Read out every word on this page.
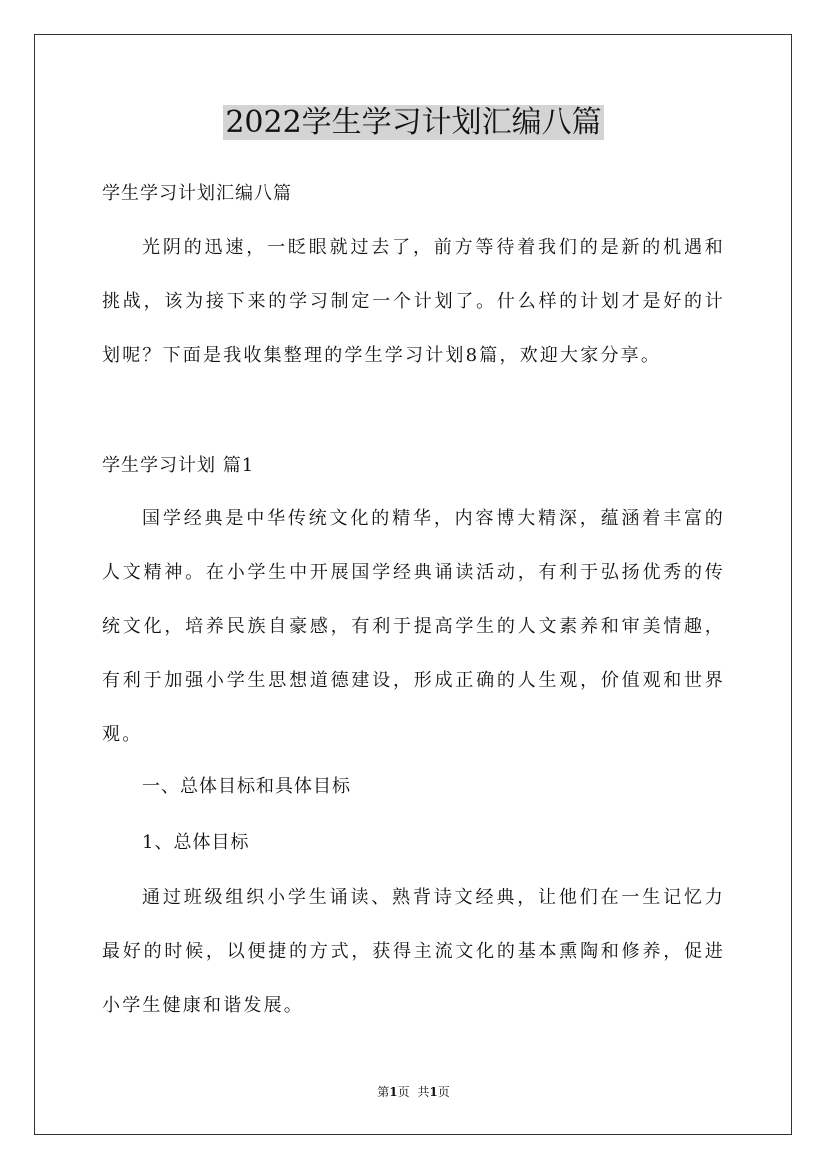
2022学生学习计划汇编八篇
学生学习计划汇编八篇

光阴的迅速，一眨眼就过去了，前方等待着我们的是新的机遇和挑战，该为接下来的学习制定一个计划了。什么样的计划才是好的计划呢？下面是我收集整理的学生学习计划8篇，欢迎大家分享。

学生学习计划 篇1

国学经典是中华传统文化的精华，内容博大精深，蕴涵着丰富的人文精神。在小学生中开展国学经典诵读活动，有利于弘扬优秀的传统文化，培养民族自豪感，有利于提高学生的人文素养和审美情趣，有利于加强小学生思想道德建设，形成正确的人生观，价值观和世界观。

一、总体目标和具体目标
1、总体目标

通过班级组织小学生诵读、熟背诗文经典，让他们在一生记忆力最好的时候，以便捷的方式，获得主流文化的基本熏陶和修养，促进小学生健康和谐发展。

第1页 共1页
